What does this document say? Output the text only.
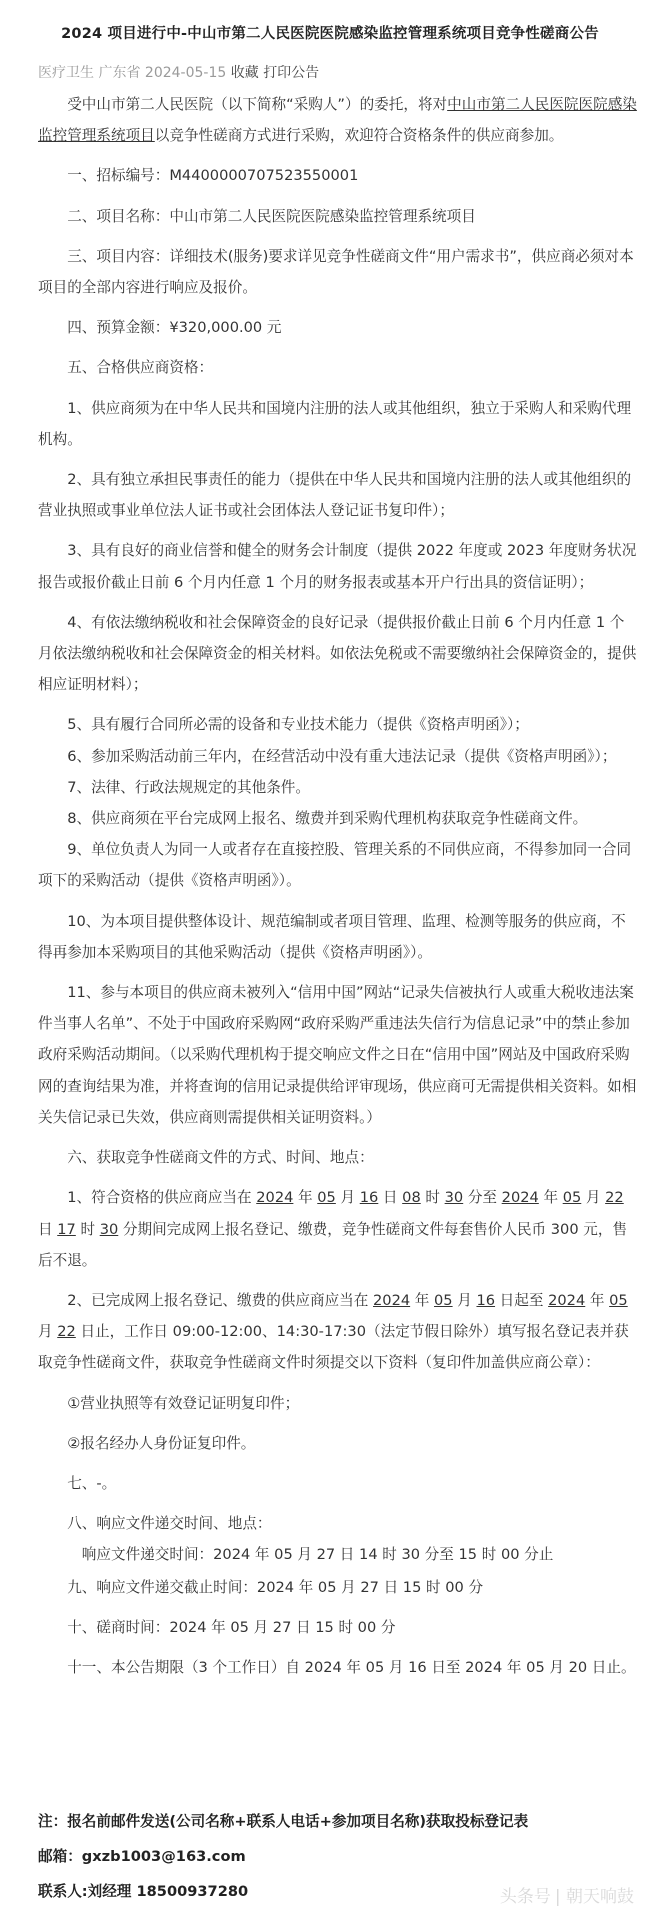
2024 项目进行中-中山市第二人民医院医院感染监控管理系统项目竞争性磋商公告
医疗卫生 广东省 2024-05-15 收藏 打印公告

受中山市第二人民医院（以下简称“采购人”）的委托，将对中山市第二人民医院医院感染监控管理系统项目以竞争性磋商方式进行采购，欢迎符合资格条件的供应商参加。

一、招标编号：M4400000707523550001

二、项目名称：中山市第二人民医院医院感染监控管理系统项目

三、项目内容：详细技术(服务)要求详见竞争性磋商文件“用户需求书”，供应商必须对本项目的全部内容进行响应及报价。

四、预算金额：¥320,000.00 元

五、合格供应商资格：

1、供应商须为在中华人民共和国境内注册的法人或其他组织，独立于采购人和采购代理机构。

2、具有独立承担民事责任的能力（提供在中华人民共和国境内注册的法人或其他组织的营业执照或事业单位法人证书或社会团体法人登记证书复印件）；

3、具有良好的商业信誉和健全的财务会计制度（提供 2022 年度或 2023 年度财务状况报告或报价截止日前 6 个月内任意 1 个月的财务报表或基本开户行出具的资信证明）；

4、有依法缴纳税收和社会保障资金的良好记录（提供报价截止日前 6 个月内任意 1 个月依法缴纳税收和社会保障资金的相关材料。如依法免税或不需要缴纳社会保障资金的，提供相应证明材料）；

5、具有履行合同所必需的设备和专业技术能力（提供《资格声明函》）；

6、参加采购活动前三年内，在经营活动中没有重大违法记录（提供《资格声明函》）；

7、法律、行政法规规定的其他条件。

8、供应商须在平台完成网上报名、缴费并到采购代理机构获取竞争性磋商文件。

9、单位负责人为同一人或者存在直接控股、管理关系的不同供应商，不得参加同一合同项下的采购活动（提供《资格声明函》）。

10、为本项目提供整体设计、规范编制或者项目管理、监理、检测等服务的供应商，不得再参加本采购项目的其他采购活动（提供《资格声明函》）。

11、参与本项目的供应商未被列入“信用中国”网站“记录失信被执行人或重大税收违法案件当事人名单”、不处于中国政府采购网“政府采购严重违法失信行为信息记录”中的禁止参加政府采购活动期间。（以采购代理机构于提交响应文件之日在“信用中国”网站及中国政府采购网的查询结果为准，并将查询的信用记录提供给评审现场，供应商可无需提供相关资料。如相关失信记录已失效，供应商则需提供相关证明资料。）

六、获取竞争性磋商文件的方式、时间、地点：

1、符合资格的供应商应当在 2024 年 05 月 16 日 08 时 30 分至 2024 年 05 月 22 日 17 时 30 分期间完成网上报名登记、缴费，竞争性磋商文件每套售价人民币 300 元，售后不退。

2、已完成网上报名登记、缴费的供应商应当在 2024 年 05 月 16 日起至 2024 年 05 月 22 日止，工作日 09:00-12:00、14:30-17:30（法定节假日除外）填写报名登记表并获取竞争性磋商文件，获取竞争性磋商文件时须提交以下资料（复印件加盖供应商公章）：

①营业执照等有效登记证明复印件；

②报名经办人身份证复印件。

七、-。

八、响应文件递交时间、地点：

响应文件递交时间：2024 年 05 月 27 日 14 时 30 分至 15 时 00 分止

九、响应文件递交截止时间：2024 年 05 月 27 日 15 时 00 分

十、磋商时间：2024 年 05 月 27 日 15 时 00 分

十一、本公告期限（3 个工作日）自 2024 年 05 月 16 日至 2024 年 05 月 20 日止。

注：报名前邮件发送(公司名称+联系人电话+参加项目名称)获取投标登记表
邮箱：gxzb1003@163.com
联系人:刘经理 18500937280	头条号 | 朝天响鼓
